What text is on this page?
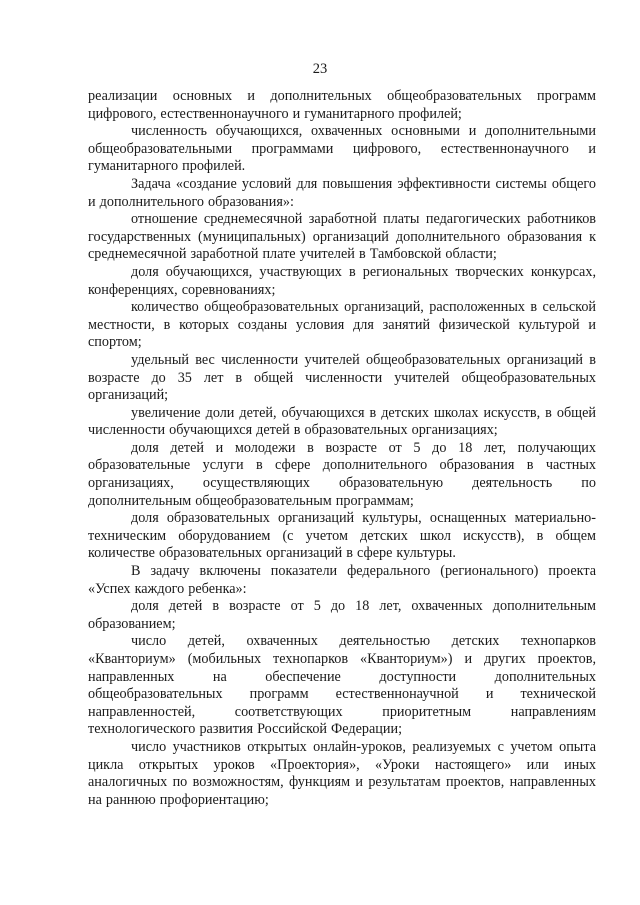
23

реализации основных и дополнительных общеобразовательных программ цифрового, естественнонаучного и гуманитарного профилей;

численность обучающихся, охваченных основными и дополнительными общеобразовательными программами цифрового, естественнонаучного и гуманитарного профилей.

Задача «создание условий для повышения эффективности системы общего и дополнительного образования»:

отношение среднемесячной заработной платы педагогических работников государственных (муниципальных) организаций дополнительного образования к среднемесячной заработной плате учителей в Тамбовской области;

доля обучающихся, участвующих в региональных творческих конкурсах, конференциях, соревнованиях;

количество общеобразовательных организаций, расположенных в сельской местности, в которых созданы условия для занятий физической культурой и спортом;

удельный вес численности учителей общеобразовательных организаций в возрасте до 35 лет в общей численности учителей общеобразовательных организаций;

увеличение доли детей, обучающихся в детских школах искусств, в общей численности обучающихся детей в образовательных организациях;

доля детей и молодежи в возрасте от 5 до 18 лет, получающих образовательные услуги в сфере дополнительного образования в частных организациях, осуществляющих образовательную деятельность по дополнительным общеобразовательным программам;

доля образовательных организаций культуры, оснащенных материально-техническим оборудованием (с учетом детских школ искусств), в общем количестве образовательных организаций в сфере культуры.

В задачу включены показатели федерального (регионального) проекта «Успех каждого ребенка»:

доля детей в возрасте от 5 до 18 лет, охваченных дополнительным образованием;

число детей, охваченных деятельностью детских технопарков «Кванториум» (мобильных технопарков «Кванториум») и других проектов, направленных на обеспечение доступности дополнительных общеобразовательных программ естественнонаучной и технической направленностей, соответствующих приоритетным направлениям технологического развития Российской Федерации;

число участников открытых онлайн-уроков, реализуемых с учетом опыта цикла открытых уроков «Проектория», «Уроки настоящего» или иных аналогичных по возможностям, функциям и результатам проектов, направленных на раннюю профориентацию;
